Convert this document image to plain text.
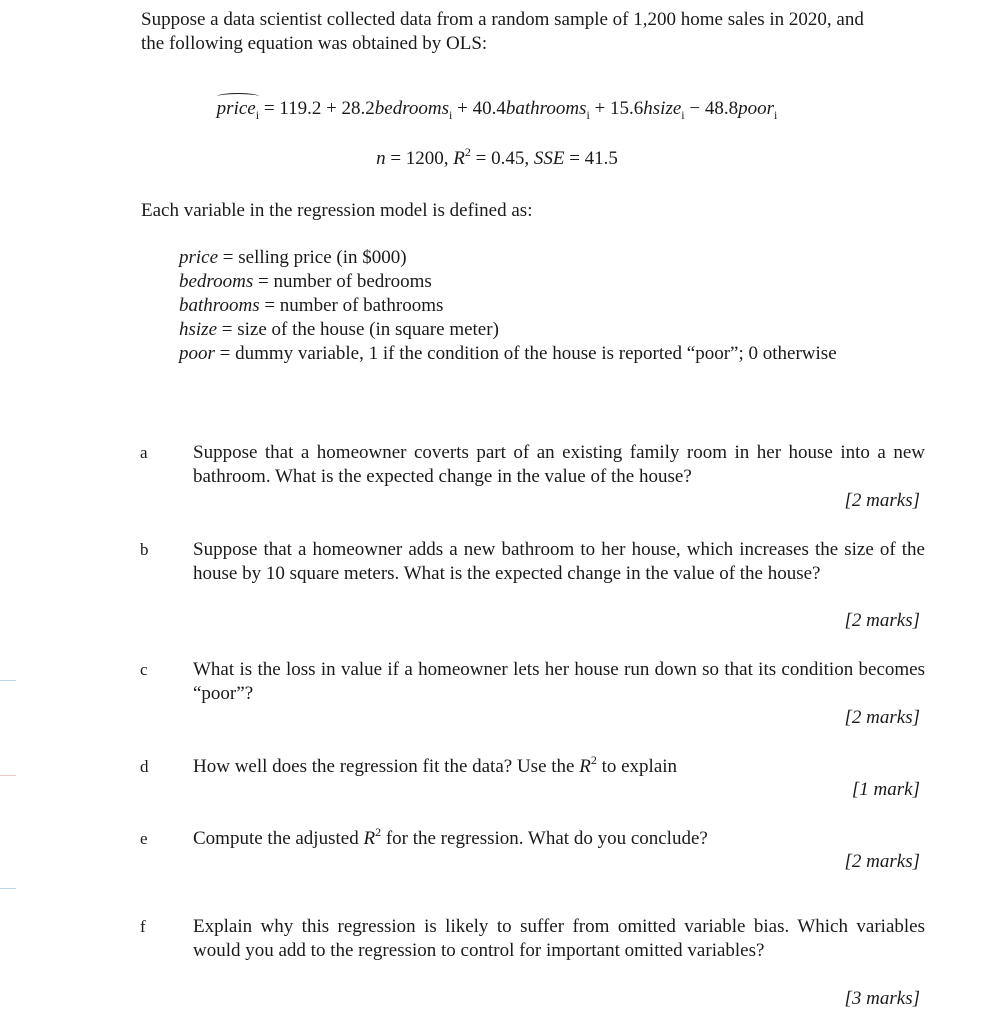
Suppose a data scientist collected data from a random sample of 1,200 home sales in 2020, and
the following equation was obtained by OLS:
price$_i$ = 119.2 + 28.2bedrooms$_i$ + 40.4bathrooms$_i$ + 15.6hsize$_i$ − 48.8poor$_i$
n = 1200, $R^2 = 0.45$, SSE = 41.5
Each variable in the regression model is defined as:
price = selling price (in $000)
bedrooms = number of bedrooms
bathrooms = number of bathrooms
hsize = size of the house (in square meter)
poor = dummy variable, 1 if the condition of the house is reported “poor”; 0 otherwise
a	Suppose that a homeowner coverts part of an existing family room in her house into a new bathroom. What is the expected change in the value of the house?
[2 marks]
b	Suppose that a homeowner adds a new bathroom to her house, which increases the size of the house by 10 square meters. What is the expected change in the value of the house?
[2 marks]
c	What is the loss in value if a homeowner lets her house run down so that its condition becomes “poor”?
[2 marks]
d	How well does the regression fit the data? Use the $R^2$ to explain
[1 mark]
e	Compute the adjusted $R^2$ for the regression. What do you conclude?
[2 marks]
f	Explain why this regression is likely to suffer from omitted variable bias. Which variables would you add to the regression to control for important omitted variables?
[3 marks]
